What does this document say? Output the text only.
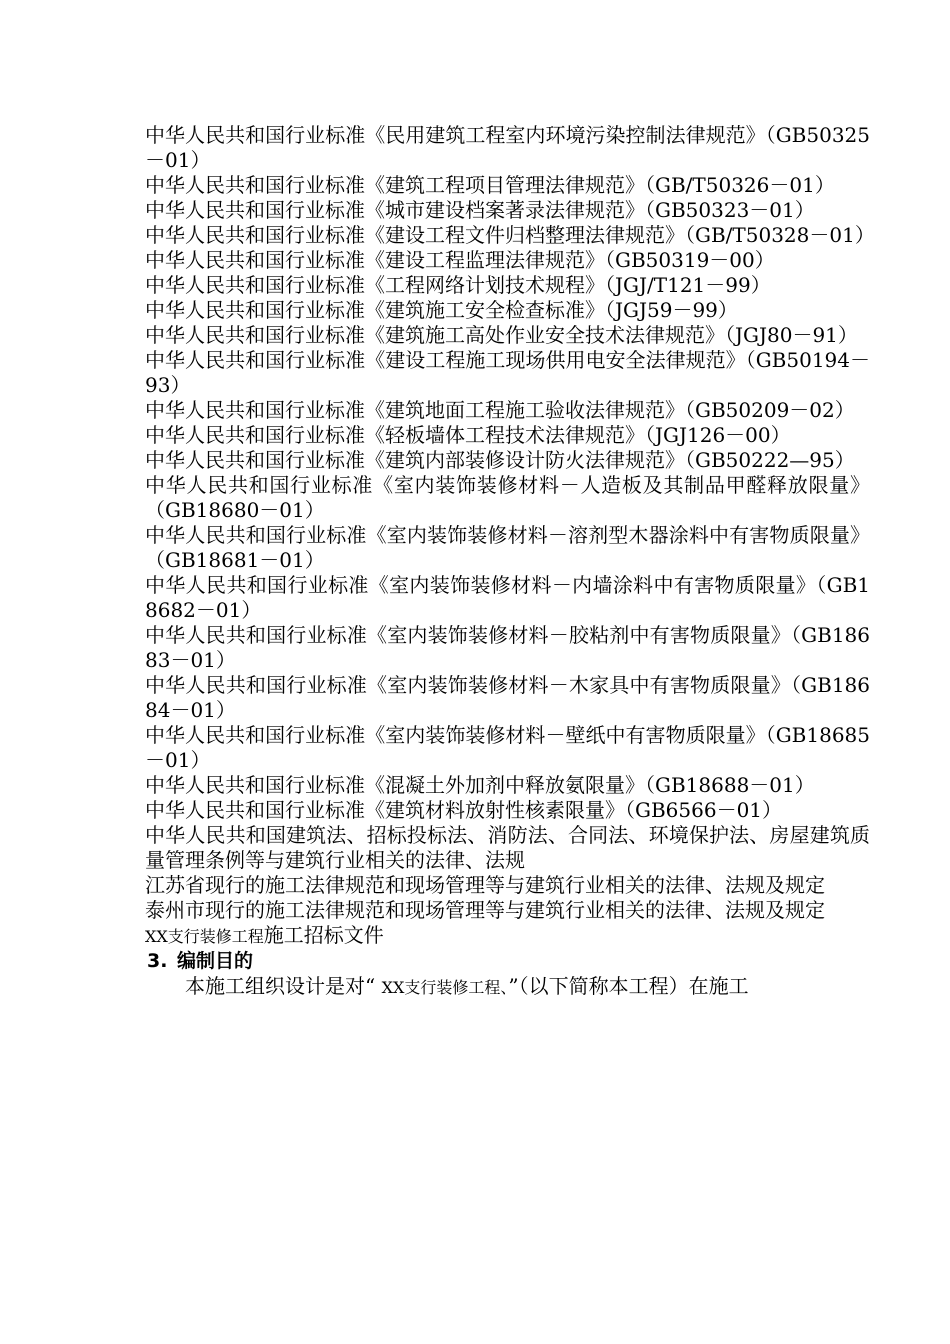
中华人民共和国行业标准《民用建筑工程室内环境污染控制法律规范》（GB50325－01）

中华人民共和国行业标准《建筑工程项目管理法律规范》（GB/T50326－01）

中华人民共和国行业标准《城市建设档案著录法律规范》（GB50323－01）

中华人民共和国行业标准《建设工程文件归档整理法律规范》（GB/T50328－01）

中华人民共和国行业标准《建设工程监理法律规范》（GB50319－00）

中华人民共和国行业标准《工程网络计划技术规程》（JGJ/T121－99）

中华人民共和国行业标准《建筑施工安全检查标准》（JGJ59－99）

中华人民共和国行业标准《建筑施工高处作业安全技术法律规范》（JGJ80－91）

中华人民共和国行业标准《建设工程施工现场供用电安全法律规范》（GB50194－93）

中华人民共和国行业标准《建筑地面工程施工验收法律规范》（GB50209－02）

中华人民共和国行业标准《轻板墙体工程技术法律规范》（JGJ126－00）

中华人民共和国行业标准《建筑内部装修设计防火法律规范》（GB50222—95）

中华人民共和国行业标准《室内装饰装修材料－人造板及其制品甲醛释放限量》（GB18680－01）

中华人民共和国行业标准《室内装饰装修材料－溶剂型木器涂料中有害物质限量》（GB18681－01）

中华人民共和国行业标准《室内装饰装修材料－内墙涂料中有害物质限量》（GB18682－01）

中华人民共和国行业标准《室内装饰装修材料－胶粘剂中有害物质限量》（GB18683－01）

中华人民共和国行业标准《室内装饰装修材料－木家具中有害物质限量》（GB18684－01）

中华人民共和国行业标准《室内装饰装修材料－壁纸中有害物质限量》（GB18685－01）

中华人民共和国行业标准《混凝土外加剂中释放氨限量》（GB18688－01）

中华人民共和国行业标准《建筑材料放射性核素限量》（GB6566－01）

中华人民共和国建筑法、招标投标法、消防法、合同法、环境保护法、房屋建筑质量管理条例等与建筑行业相关的法律、法规

江苏省现行的施工法律规范和现场管理等与建筑行业相关的法律、法规及规定

泰州市现行的施工法律规范和现场管理等与建筑行业相关的法律、法规及规定

XX支行装修工程施工招标文件

3. 编制目的

本施工组织设计是对“ XX支行装修工程、”（以下简称本工程）在施工
